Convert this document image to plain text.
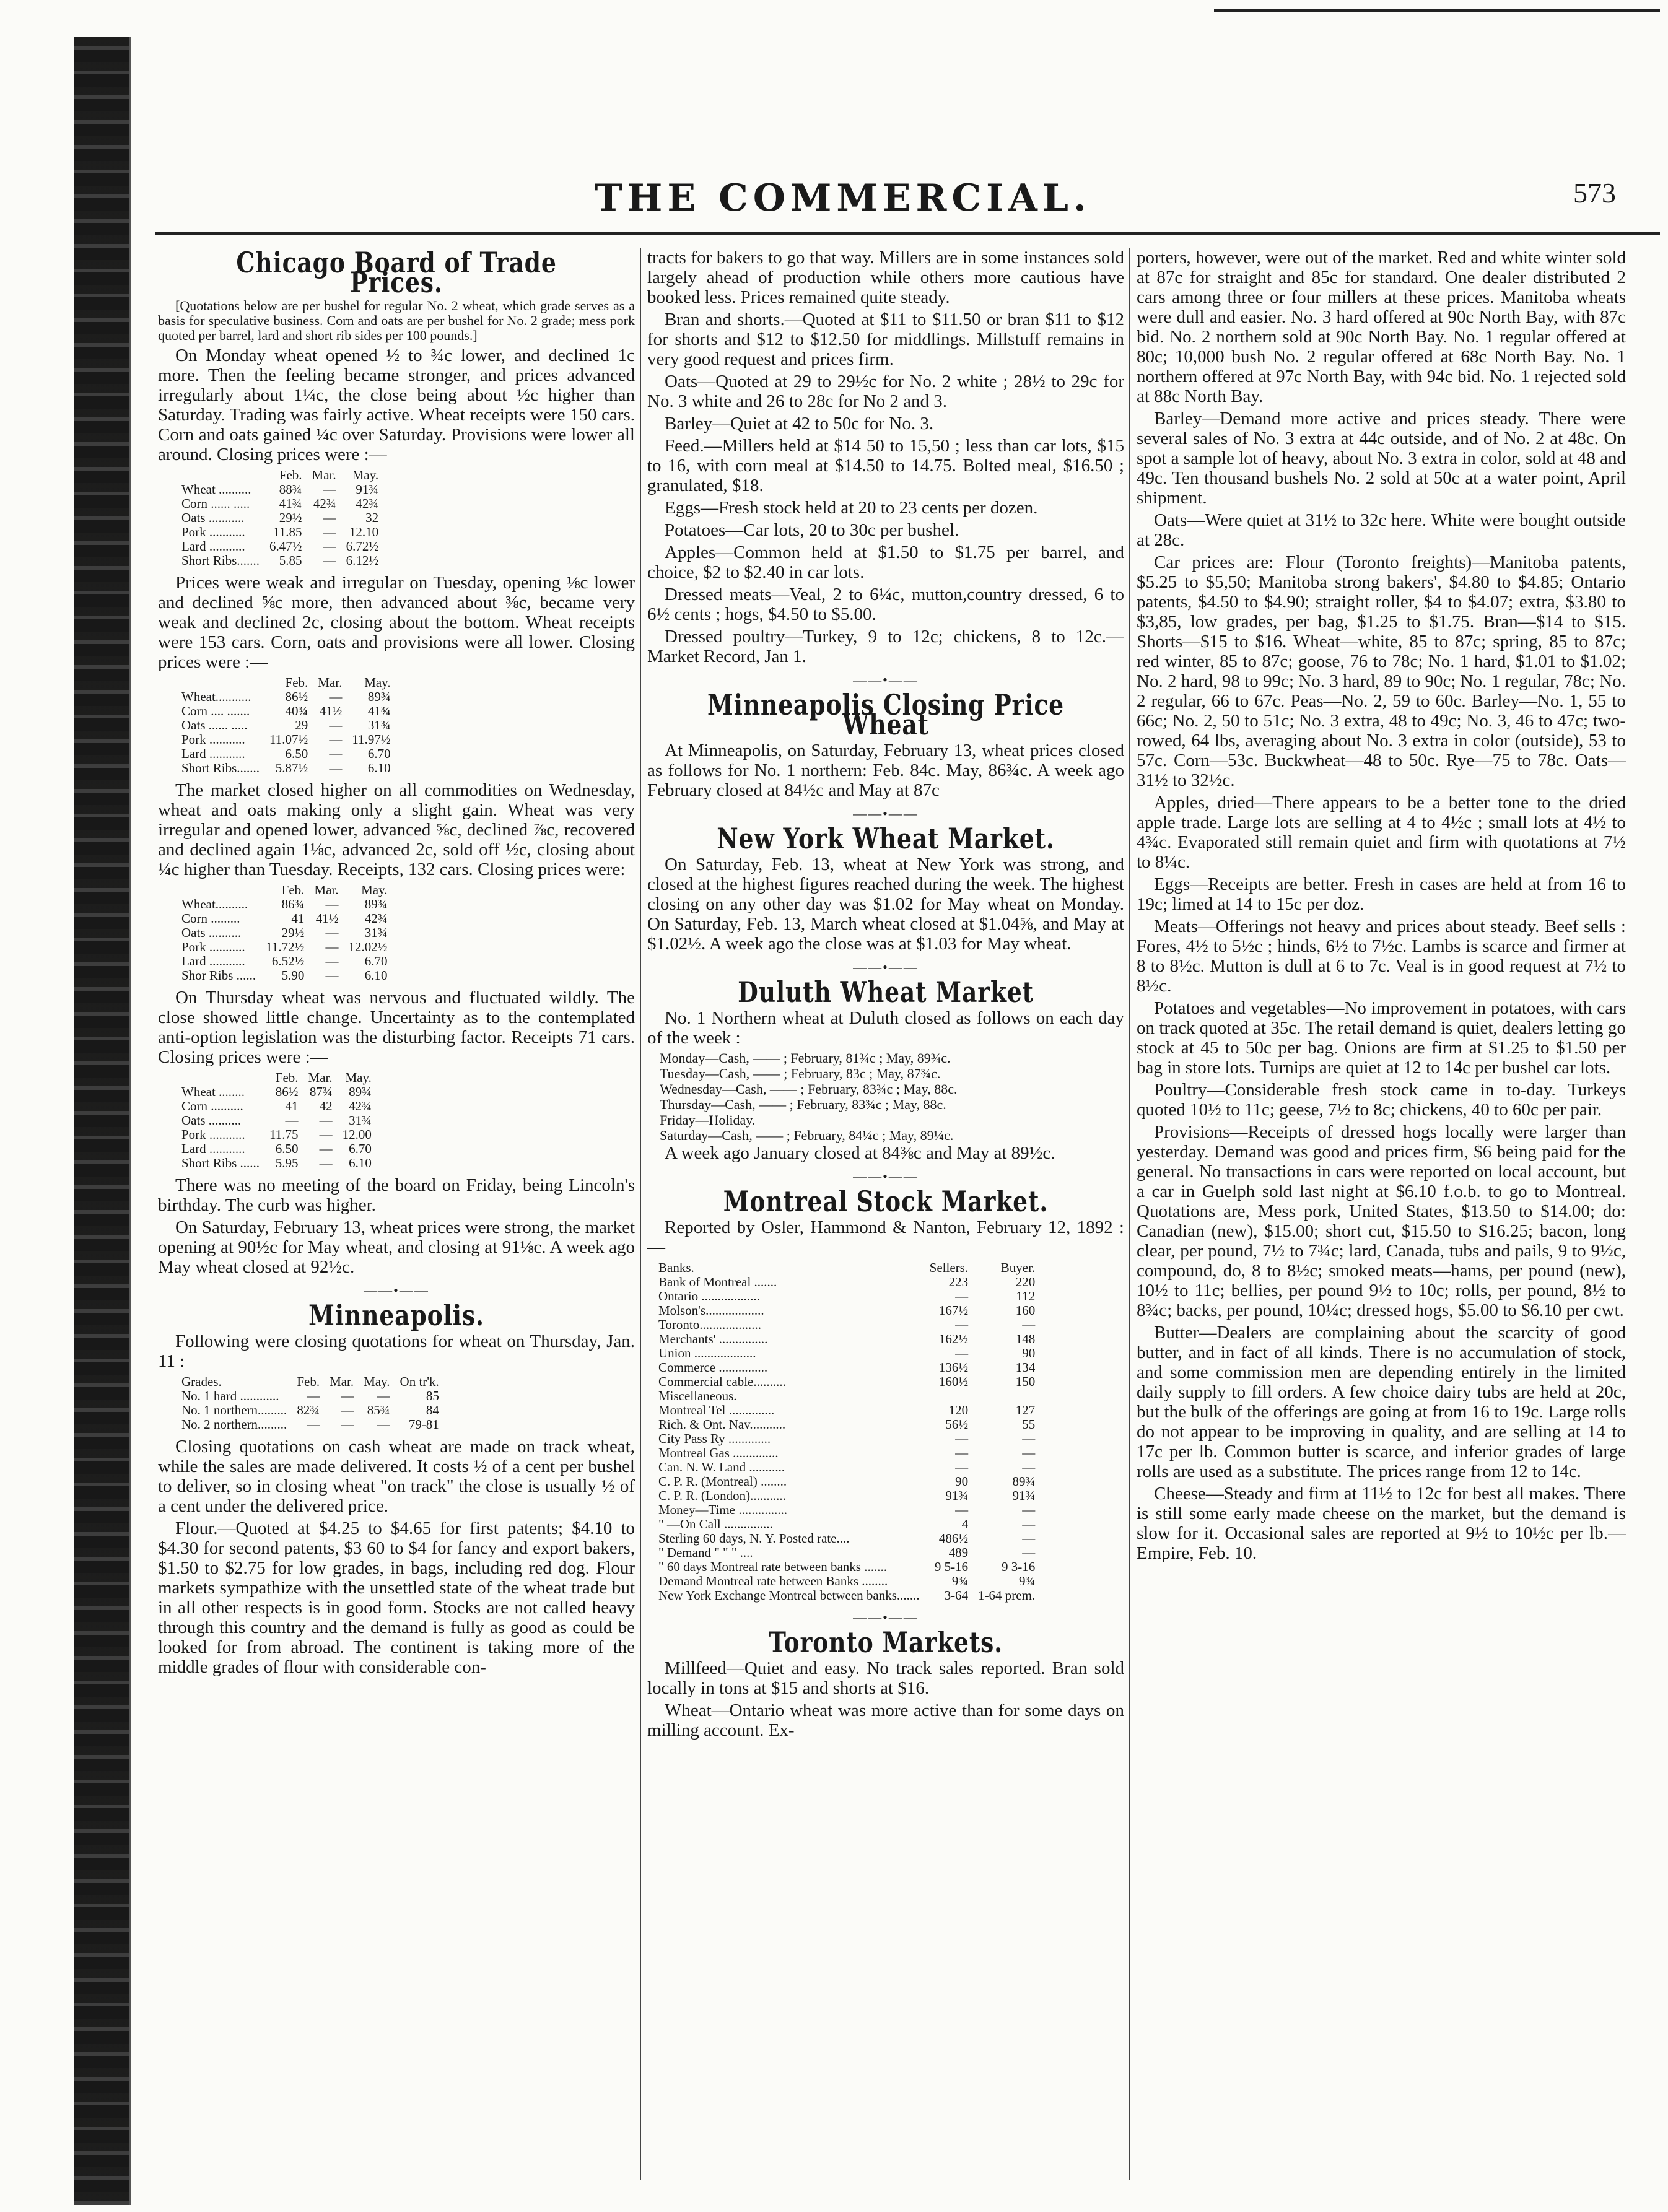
THE COMMERCIAL.	573
Chicago Board of Trade Prices.

[Quotations below are per bushel for regular No. 2 wheat, which grade serves as a basis for speculative business. Corn and oats are per bushel for No. 2 grade; mess pork quoted per barrel, lard and short rib sides per 100 pounds.]

On Monday wheat opened ½ to ¾c lower, and declined 1c more. Then the feeling became stronger, and prices advanced irregularly about 1¼c, the close being about ½c higher than Saturday. Trading was fairly active. Wheat receipts were 150 cars. Corn and oats gained ¼c over Saturday. Provisions were lower all around. Closing prices were :—

	Feb.	Mar.	May.
Wheat ..........	88¾	—	91¾
Corn ...... .....	41¾	42¾	42¾
Oats ...........	29½	—	32
Pork ...........	11.85	—	12.10
Lard ...........	6.47½	—	6.72½
Short Ribs.......	5.85	—	6.12½

Prices were weak and irregular on Tuesday, opening ⅛c lower and declined ⅝c more, then advanced about ⅜c, became very weak and declined 2c, closing about the bottom. Wheat receipts were 153 cars. Corn, oats and provisions were all lower. Closing prices were :—

	Feb.	Mar.	May.
Wheat...........	86½	—	89¾
Corn .... .......	40¾	41½	41¾
Oats ...... .....	29	—	31¾
Pork ...........	11.07½	—	11.97½
Lard ...........	6.50	—	6.70
Short Ribs.......	5.87½	—	6.10

The market closed higher on all commodities on Wednesday, wheat and oats making only a slight gain. Wheat was very irregular and opened lower, advanced ⅝c, declined ⅞c, recovered and declined again 1⅛c, advanced 2c, sold off ½c, closing about ¼c higher than Tuesday. Receipts, 132 cars. Closing prices were:

	Feb.	Mar.	May.
Wheat..........	86¾	—	89¾
Corn .........	41	41½	42¾
Oats ..........	29½	—	31¾
Pork ...........	11.72½	—	12.02½
Lard ...........	6.52½	—	6.70
Shor Ribs ......	5.90	—	6.10

On Thursday wheat was nervous and fluctuated wildly. The close showed little change. Uncertainty as to the contemplated anti-option legislation was the disturbing factor. Receipts 71 cars. Closing prices were :—

	Feb.	Mar.	May.
Wheat ........	86½	87¾	89¾
Corn ..........	41	42	42¾
Oats ..........	—	—	31¾
Pork ...........	11.75	—	12.00
Lard ...........	6.50	—	6.70
Short Ribs ......	5.95	—	6.10

There was no meeting of the board on Friday, being Lincoln's birthday. The curb was higher.

On Saturday, February 13, wheat prices were strong, the market opening at 90½c for May wheat, and closing at 91⅛c. A week ago May wheat closed at 92½c.

——•——
Minneapolis.

Following were closing quotations for wheat on Thursday, Jan. 11 :

Grades.	Feb.	Mar.	May.	On tr'k.
No. 1 hard ............	—	—	—	85
No. 1 northern.........	82¾	—	85¾	84
No. 2 northern.........	—	—	—	79-81

Closing quotations on cash wheat are made on track wheat, while the sales are made delivered. It costs ½ of a cent per bushel to deliver, so in closing wheat "on track" the close is usually ½ of a cent under the delivered price.

Flour.—Quoted at $4.25 to $4.65 for first patents; $4.10 to $4.30 for second patents, $3 60 to $4 for fancy and export bakers, $1.50 to $2.75 for low grades, in bags, including red dog. Flour markets sympathize with the unsettled state of the wheat trade but in all other respects is in good form. Stocks are not called heavy through this country and the demand is fully as good as could be looked for from abroad. The continent is taking more of the middle grades of flour with considerable con-

tracts for bakers to go that way. Millers are in some instances sold largely ahead of production while others more cautious have booked less. Prices remained quite steady.

Bran and shorts.—Quoted at $11 to $11.50 or bran $11 to $12 for shorts and $12 to $12.50 for middlings. Millstuff remains in very good request and prices firm.

Oats—Quoted at 29 to 29½c for No. 2 white ; 28½ to 29c for No. 3 white and 26 to 28c for No 2 and 3.

Barley—Quiet at 42 to 50c for No. 3.

Feed.—Millers held at $14 50 to 15,50 ; less than car lots, $15 to 16, with corn meal at $14.50 to 14.75. Bolted meal, $16.50 ; granulated, $18.

Eggs—Fresh stock held at 20 to 23 cents per dozen.

Potatoes—Car lots, 20 to 30c per bushel.

Apples—Common held at $1.50 to $1.75 per barrel, and choice, $2 to $2.40 in car lots.

Dressed meats—Veal, 2 to 6¼c, mutton,country dressed, 6 to 6½ cents ; hogs, $4.50 to $5.00.

Dressed poultry—Turkey, 9 to 12c; chickens, 8 to 12c.—Market Record, Jan 1.

——•——
Minneapolis Closing Price Wheat

At Minneapolis, on Saturday, February 13, wheat prices closed as follows for No. 1 northern: Feb. 84c. May, 86¾c. A week ago February closed at 84½c and May at 87c

——•——
New York Wheat Market.

On Saturday, Feb. 13, wheat at New York was strong, and closed at the highest figures reached during the week. The highest closing on any other day was $1.02 for May wheat on Monday. On Saturday, Feb. 13, March wheat closed at $1.04⅝, and May at $1.02½. A week ago the close was at $1.03 for May wheat.

——•——
Duluth Wheat Market

No. 1 Northern wheat at Duluth closed as follows on each day of the week :

Monday—Cash, —— ; February, 81¾c ; May, 89¾c.
Tuesday—Cash, —— ; February, 83c ; May, 87¾c.
Wednesday—Cash, —— ; February, 83¾c ; May, 88c.
Thursday—Cash, —— ; February, 83¾c ; May, 88c.
Friday—Holiday.
Saturday—Cash, —— ; February, 84¼c ; May, 89¼c.

A week ago January closed at 84⅜c and May at 89½c.

——•——
Montreal Stock Market.

Reported by Osler, Hammond & Nanton, February 12, 1892 :—

Banks.	Sellers.	Buyer.
Bank of Montreal .......	223	220
Ontario ..................	—	112
Molson's..................	167½	160
Toronto...................	—	—
Merchants' ...............	162½	148
Union ...................	—	90
Commerce ...............	136½	134
Commercial cable..........	160½	150
Miscellaneous.		
Montreal Tel ..............	120	127
Rich. & Ont. Nav...........	56½	55
City Pass Ry .............	—	—
Montreal Gas ..............	—	—
Can. N. W. Land ...........	—	—
C. P. R. (Montreal) ........	90	89¾
C. P. R. (London)...........	91¾	91¾
Money—Time ...............	—	—
" —On Call ...............	4	—
Sterling 60 days, N. Y. Posted rate....	486½	—
" Demand " " " ....	489	—
" 60 days Montreal rate between banks .......	9 5-16	9 3-16
Demand Montreal rate between Banks ........	9¾	9¾
New York Exchange Montreal between banks.......	3-64	1-64 prem.
——•——
Toronto Markets.

Millfeed—Quiet and easy. No track sales reported. Bran sold locally in tons at $15 and shorts at $16.

Wheat—Ontario wheat was more active than for some days on milling account. Ex-

porters, however, were out of the market. Red and white winter sold at 87c for straight and 85c for standard. One dealer distributed 2 cars among three or four millers at these prices. Manitoba wheats were dull and easier. No. 3 hard offered at 90c North Bay, with 87c bid. No. 2 northern sold at 90c North Bay. No. 1 regular offered at 80c; 10,000 bush No. 2 regular offered at 68c North Bay. No. 1 northern offered at 97c North Bay, with 94c bid. No. 1 rejected sold at 88c North Bay.

Barley—Demand more active and prices steady. There were several sales of No. 3 extra at 44c outside, and of No. 2 at 48c. On spot a sample lot of heavy, about No. 3 extra in color, sold at 48 and 49c. Ten thousand bushels No. 2 sold at 50c at a water point, April shipment.

Oats—Were quiet at 31½ to 32c here. White were bought outside at 28c.

Car prices are: Flour (Toronto freights)—Manitoba patents, $5.25 to $5,50; Manitoba strong bakers', $4.80 to $4.85; Ontario patents, $4.50 to $4.90; straight roller, $4 to $4.07; extra, $3.80 to $3,85, low grades, per bag, $1.25 to $1.75. Bran—$14 to $15. Shorts—$15 to $16. Wheat—white, 85 to 87c; spring, 85 to 87c; red winter, 85 to 87c; goose, 76 to 78c; No. 1 hard, $1.01 to $1.02; No. 2 hard, 98 to 99c; No. 3 hard, 89 to 90c; No. 1 regular, 78c; No. 2 regular, 66 to 67c. Peas—No. 2, 59 to 60c. Barley—No. 1, 55 to 66c; No. 2, 50 to 51c; No. 3 extra, 48 to 49c; No. 3, 46 to 47c; two-rowed, 64 lbs, averaging about No. 3 extra in color (outside), 53 to 57c. Corn—53c. Buckwheat—48 to 50c. Rye—75 to 78c. Oats—31½ to 32½c.

Apples, dried—There appears to be a better tone to the dried apple trade. Large lots are selling at 4 to 4½c ; small lots at 4½ to 4¾c. Evaporated still remain quiet and firm with quotations at 7½ to 8¼c.

Eggs—Receipts are better. Fresh in cases are held at from 16 to 19c; limed at 14 to 15c per doz.

Meats—Offerings not heavy and prices about steady. Beef sells : Fores, 4½ to 5½c ; hinds, 6½ to 7½c. Lambs is scarce and firmer at 8 to 8½c. Mutton is dull at 6 to 7c. Veal is in good request at 7½ to 8½c.

Potatoes and vegetables—No improvement in potatoes, with cars on track quoted at 35c. The retail demand is quiet, dealers letting go stock at 45 to 50c per bag. Onions are firm at $1.25 to $1.50 per bag in store lots. Turnips are quiet at 12 to 14c per bushel car lots.

Poultry—Considerable fresh stock came in to-day. Turkeys quoted 10½ to 11c; geese, 7½ to 8c; chickens, 40 to 60c per pair.

Provisions—Receipts of dressed hogs locally were larger than yesterday. Demand was good and prices firm, $6 being paid for the general. No transactions in cars were reported on local account, but a car in Guelph sold last night at $6.10 f.o.b. to go to Montreal. Quotations are, Mess pork, United States, $13.50 to $14.00; do: Canadian (new), $15.00; short cut, $15.50 to $16.25; bacon, long clear, per pound, 7½ to 7¾c; lard, Canada, tubs and pails, 9 to 9½c, compound, do, 8 to 8½c; smoked meats—hams, per pound (new), 10½ to 11c; bellies, per pound 9½ to 10c; rolls, per pound, 8½ to 8¾c; backs, per pound, 10¼c; dressed hogs, $5.00 to $6.10 per cwt.

Butter—Dealers are complaining about the scarcity of good butter, and in fact of all kinds. There is no accumulation of stock, and some commission men are depending entirely in the limited daily supply to fill orders. A few choice dairy tubs are held at 20c, but the bulk of the offerings are going at from 16 to 19c. Large rolls do not appear to be improving in quality, and are selling at 14 to 17c per lb. Common butter is scarce, and inferior grades of large rolls are used as a substitute. The prices range from 12 to 14c.

Cheese—Steady and firm at 11½ to 12c for best all makes. There is still some early made cheese on the market, but the demand is slow for it. Occasional sales are reported at 9½ to 10½c per lb.—Empire, Feb. 10.
